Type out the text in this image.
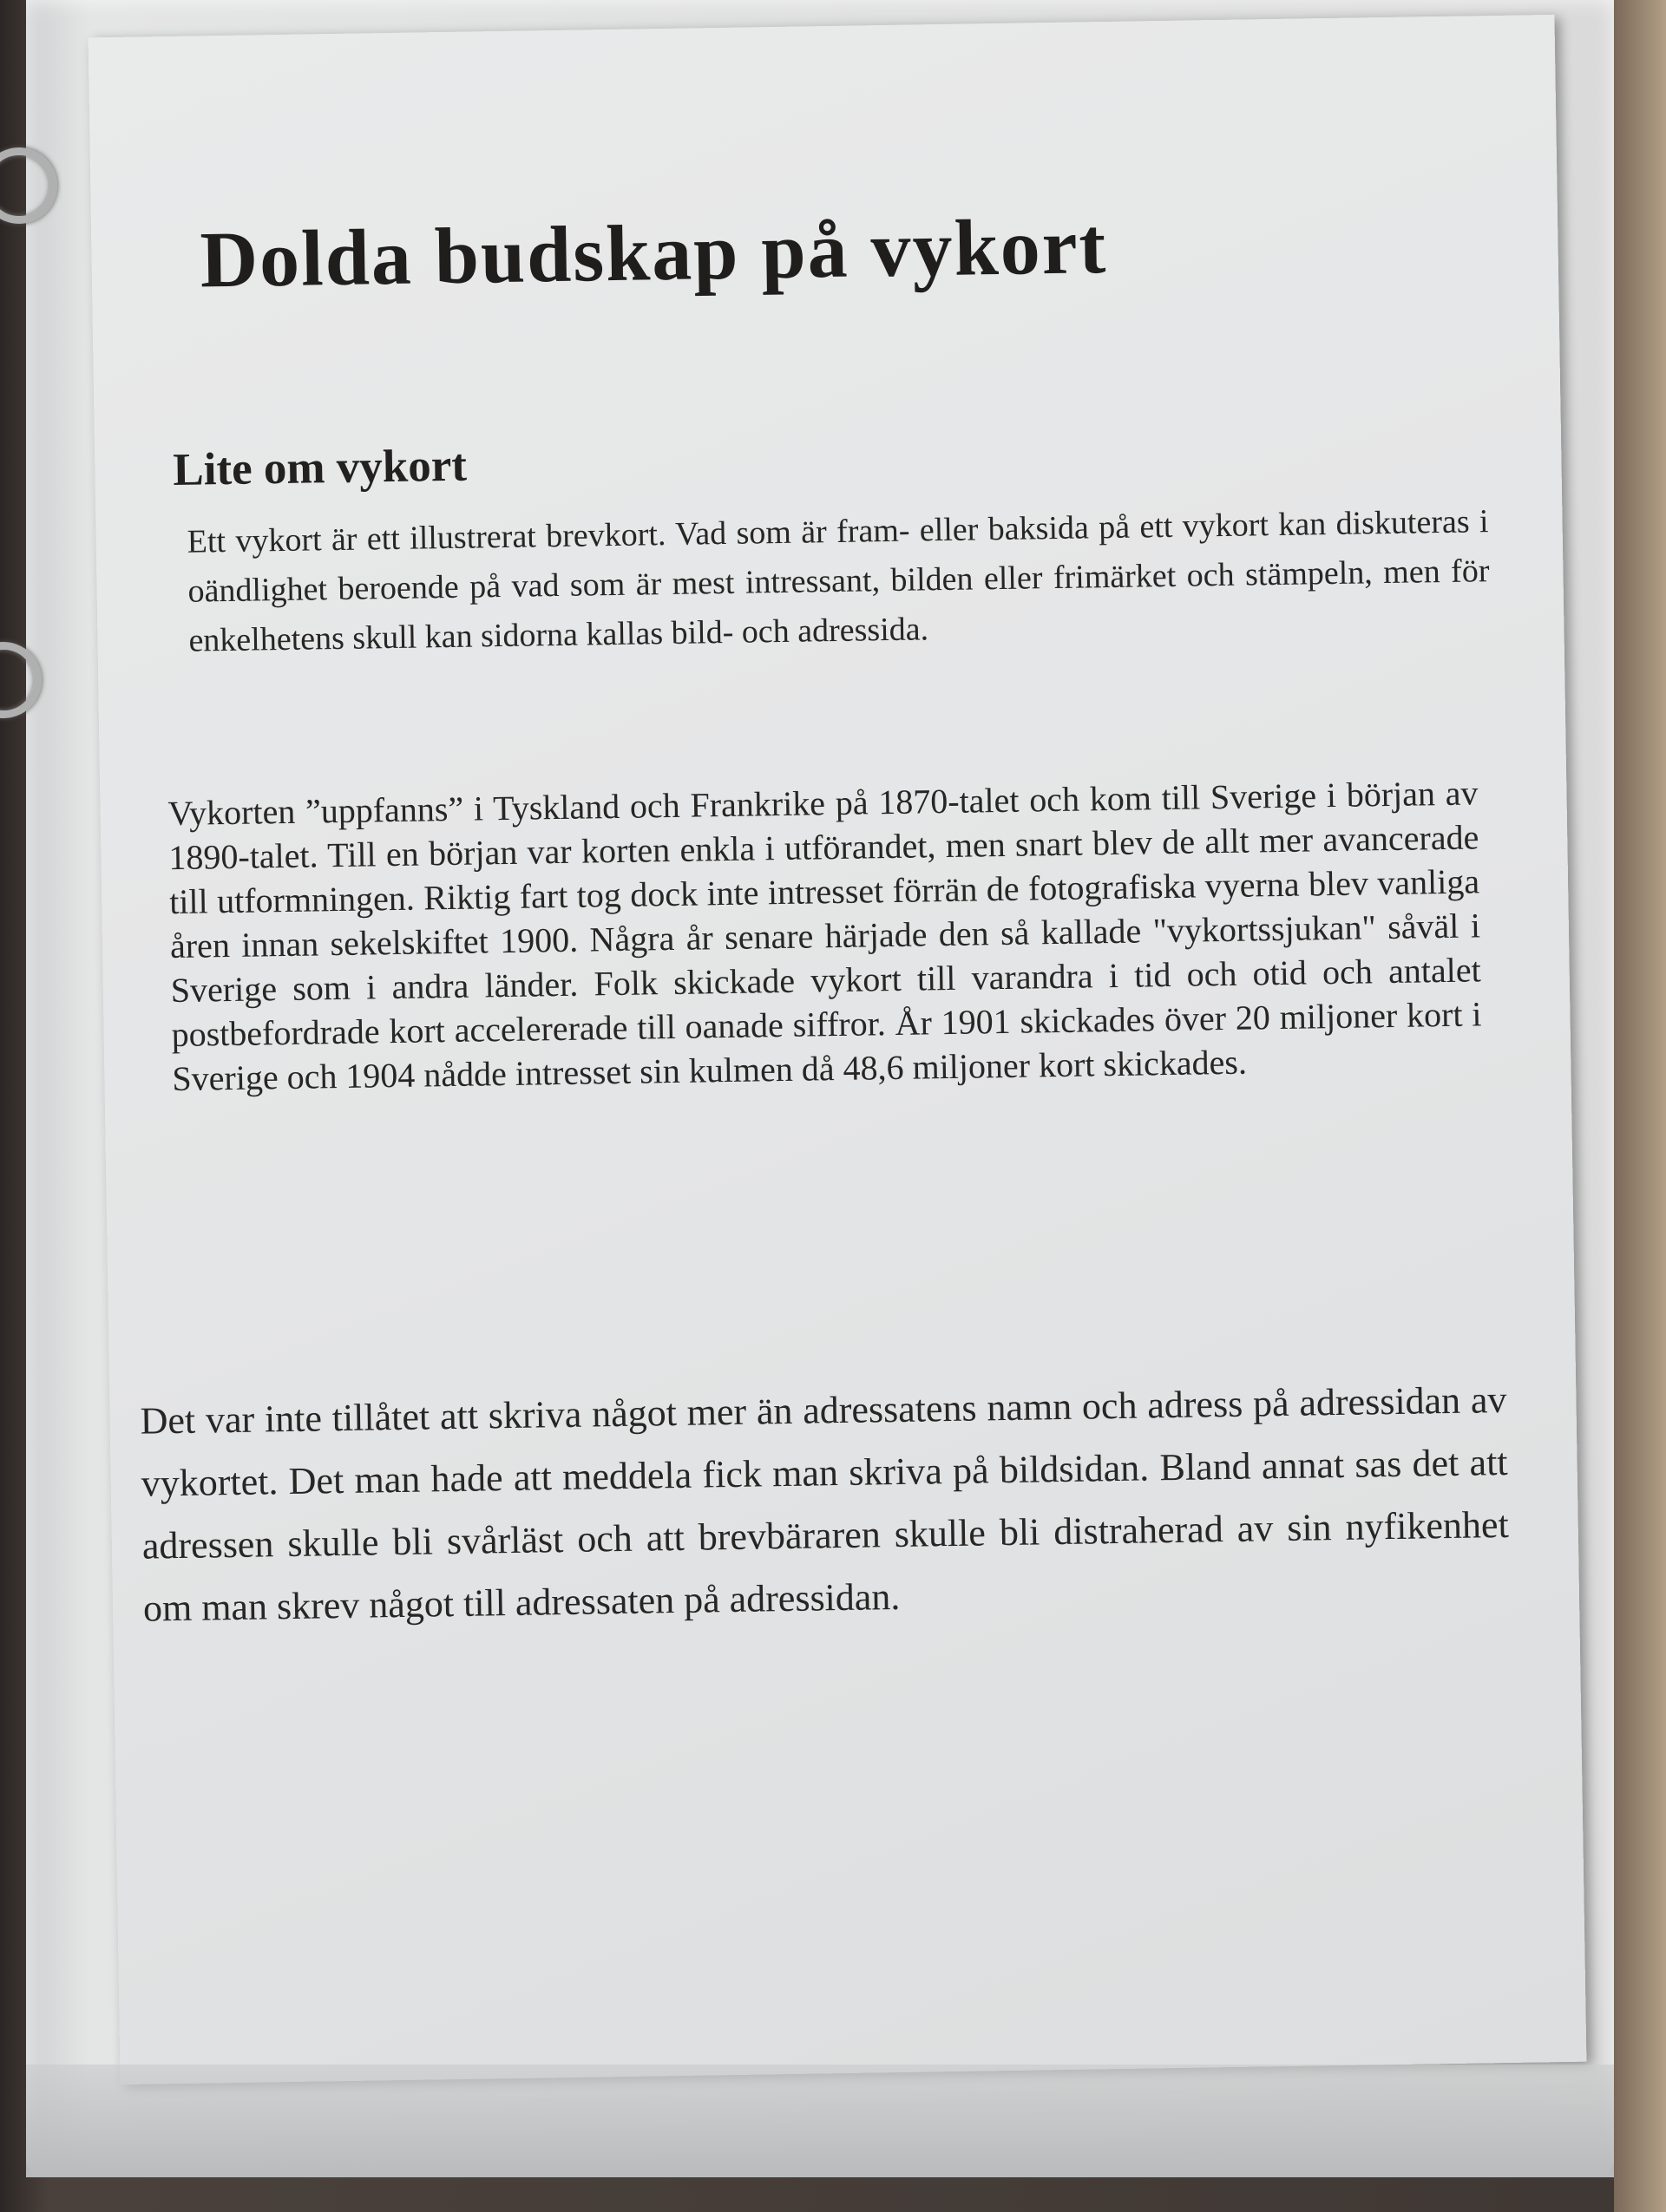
Dolda budskap på vykort
Lite om vykort

Ett vykort är ett illustrerat brevkort. Vad som är fram- eller baksida på ett vykort kan diskuteras i oändlighet beroende på vad som är mest intressant, bilden eller frimärket och stämpeln, men för enkelhetens skull kan sidorna kallas bild- och adressida.

Vykorten ”uppfanns” i Tyskland och Frankrike på 1870-talet och kom till Sverige i början av 1890-talet. Till en början var korten enkla i utförandet, men snart blev de allt mer avancerade till utformningen. Riktig fart tog dock inte intresset förrän de fotografiska vyerna blev vanliga åren innan sekelskiftet 1900. Några år senare härjade den så kallade "vykortssjukan" såväl i Sverige som i andra länder. Folk skickade vykort till varandra i tid och otid och antalet postbefordrade kort accelererade till oanade siffror. År 1901 skickades över 20 miljoner kort i Sverige och 1904 nådde intresset sin kulmen då 48,6 miljoner kort skickades.

Det var inte tillåtet att skriva något mer än adressatens namn och adress på adressidan av vykortet. Det man hade att meddela fick man skriva på bildsidan. Bland annat sas det att adressen skulle bli svårläst och att brevbäraren skulle bli distraherad av sin nyfikenhet om man skrev något till adressaten på adressidan.
